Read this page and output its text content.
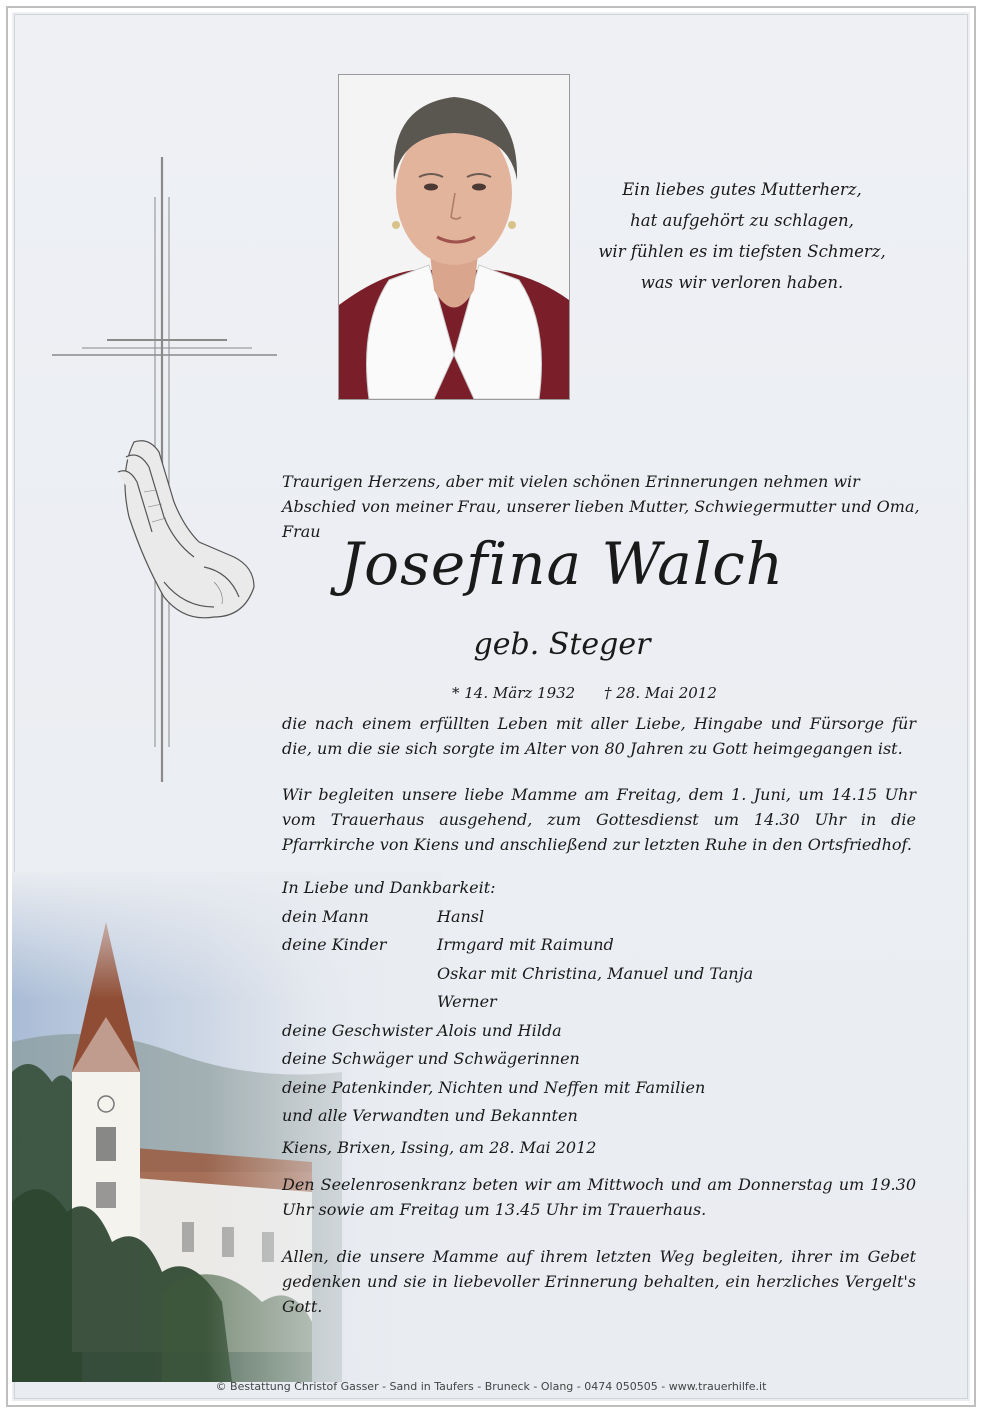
Ein liebes gutes Mutterherz,
hat aufgehört zu schlagen,
wir fühlen es im tiefsten Schmerz,
was wir verloren haben.
Traurigen Herzens, aber mit vielen schönen Erinnerungen nehmen wir Abschied von meiner Frau, unserer lieben Mutter, Schwiegermutter und Oma, Frau Josefina Walch
geb. Steger
* 14. März 1932 † 28. Mai 2012
die nach einem erfüllten Leben mit aller Liebe, Hingabe und Fürsorge für die, um die sie sich sorgte im Alter von 80 Jahren zu Gott heimgegangen ist.
Wir begleiten unsere liebe Mamme am Freitag, dem 1. Juni, um 14.15 Uhr vom Trauerhaus ausgehend, zum Gottesdienst um 14.30 Uhr in die Pfarrkirche von Kiens und anschließend zur letzten Ruhe in den Ortsfriedhof.
In Liebe und Dankbarkeit:
dein Mann	Hansl
deine Kinder	Irmgard mit Raimund
Oskar mit Christina, Manuel und Tanja
Werner
deine Geschwister Alois und Hilda
deine Schwäger und Schwägerinnen
deine Patenkinder, Nichten und Neffen mit Familien
und alle Verwandten und Bekannten
Kiens, Brixen, Issing, am 28. Mai 2012
Den Seelenrosenkranz beten wir am Mittwoch und am Donnerstag um 19.30 Uhr sowie am Freitag um 13.45 Uhr im Trauerhaus.
Allen, die unsere Mamme auf ihrem letzten Weg begleiten, ihrer im Gebet gedenken und sie in liebevoller Erinnerung behalten, ein herzliches Vergelt's Gott.
© Bestattung Christof Gasser - Sand in Taufers - Bruneck - Olang - 0474 050505 - www.trauerhilfe.it
